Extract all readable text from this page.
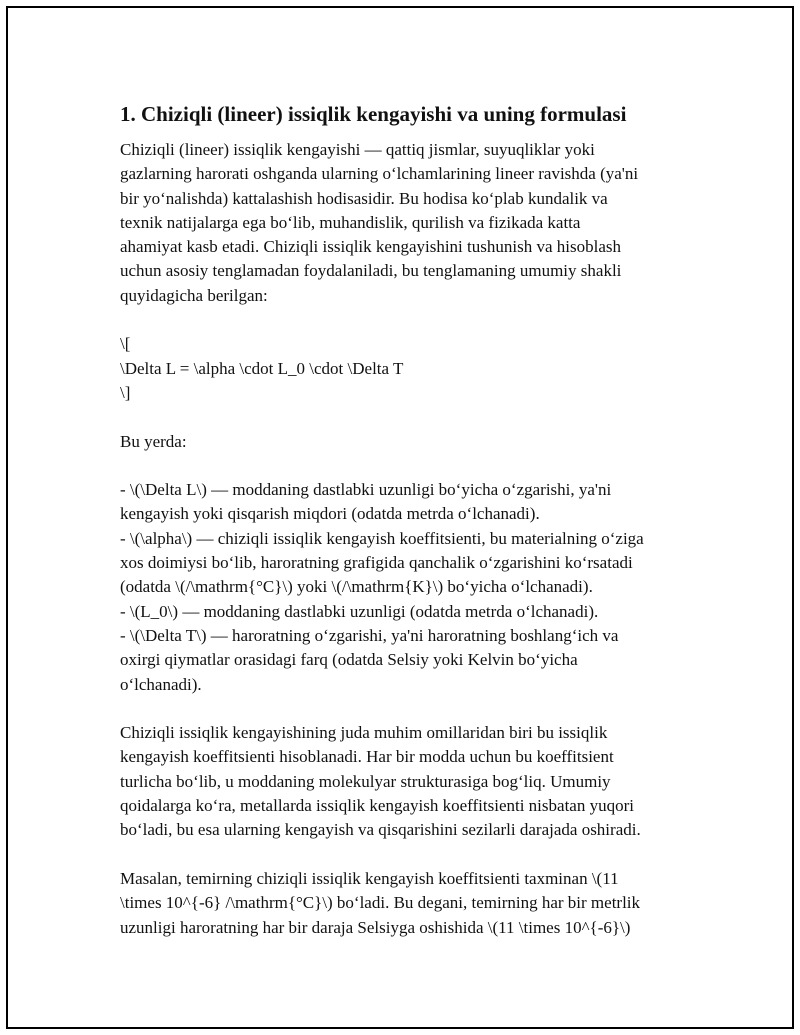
1. Chiziqli (lineer) issiqlik kengayishi va uning formulasi
Chiziqli (lineer) issiqlik kengayishi — qattiq jismlar, suyuqliklar yoki
gazlarning harorati oshganda ularning oʻlchamlarining lineer ravishda (ya'ni
bir yoʻnalishda) kattalashish hodisasidir. Bu hodisa koʻplab kundalik va
texnik natijalarga ega boʻlib, muhandislik, qurilish va fizikada katta
ahamiyat kasb etadi. Chiziqli issiqlik kengayishini tushunish va hisoblash
uchun asosiy tenglamadan foydalaniladi, bu tenglamaning umumiy shakli
quyidagicha berilgan:
\[
\Delta L = \alpha \cdot L_0 \cdot \Delta T
\]
Bu yerda:
- \(\Delta L\) — moddaning dastlabki uzunligi boʻyicha oʻzgarishi, ya'ni
kengayish yoki qisqarish miqdori (odatda metrda oʻlchanadi).
- \(\alpha\) — chiziqli issiqlik kengayish koeffitsienti, bu materialning oʻziga
xos doimiysi boʻlib, haroratning grafigida qanchalik oʻzgarishini koʻrsatadi
(odatda \(/\mathrm{°C}\) yoki \(/\mathrm{K}\) boʻyicha oʻlchanadi).
- \(L_0\) — moddaning dastlabki uzunligi (odatda metrda oʻlchanadi).
- \(\Delta T\) — haroratning oʻzgarishi, ya'ni haroratning boshlangʻich va
oxirgi qiymatlar orasidagi farq (odatda Selsiy yoki Kelvin boʻyicha
oʻlchanadi).
Chiziqli issiqlik kengayishining juda muhim omillaridan biri bu issiqlik
kengayish koeffitsienti hisoblanadi. Har bir modda uchun bu koeffitsient
turlicha boʻlib, u moddaning molekulyar strukturasiga bogʻliq. Umumiy
qoidalarga koʻra, metallarda issiqlik kengayish koeffitsienti nisbatan yuqori
boʻladi, bu esa ularning kengayish va qisqarishini sezilarli darajada oshiradi.
Masalan, temirning chiziqli issiqlik kengayish koeffitsienti taxminan \(11
\times 10^{-6} /\mathrm{°C}\) boʻladi. Bu degani, temirning har bir metrlik
uzunligi haroratning har bir daraja Selsiyga oshishida \(11 \times 10^{-6}\)
